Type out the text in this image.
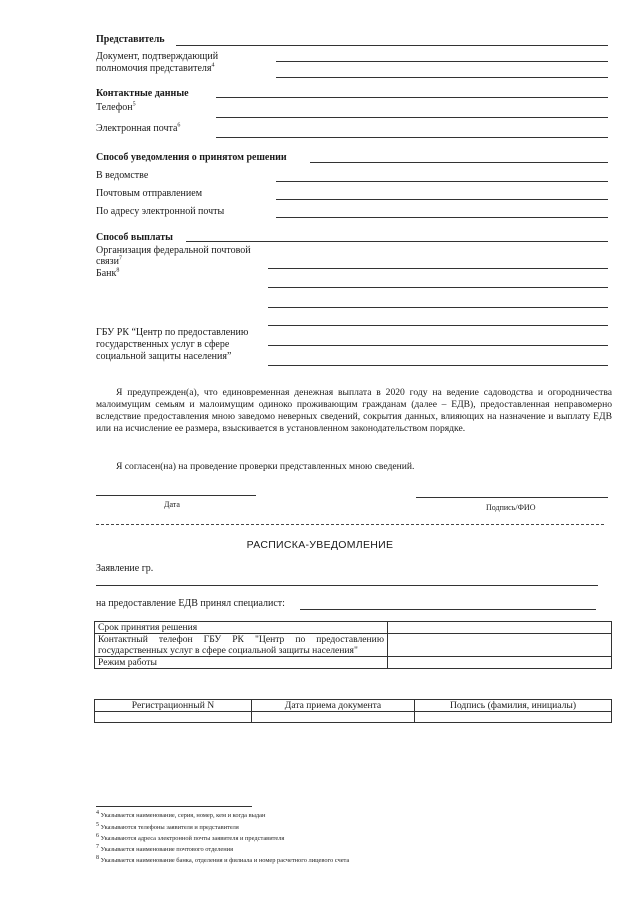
Представитель
Документ, подтверждающий
полномочия представителя$^4$
Контактные данные
Телефон$^5$
Электронная почта$^6$
Способ уведомления о принятом решении
В ведомстве
Почтовым отправлением
По адресу электронной почты
Способ выплаты
Организация федеральной почтовой
связи$^7$
Банк$^8$
ГБУ РК “Центр по предоставлению
государственных услуг в сфере
социальной защиты населения”

Я предупрежден(а), что единовременная денежная выплата в 2020 году на ведение садоводства и огородничества малоимущим семьям и малоимущим одиноко проживающим гражданам (далее – ЕДВ), предоставленная неправомерно вследствие предоставления мною заведомо неверных сведений, сокрытия данных, влияющих на назначение и выплату ЕДВ или на исчисление ее размера, взыскивается в установленном законодательством порядке.

Я согласен(на) на проведение проверки представленных мною сведений.

Дата	Подпись/ФИО
РАСПИСКА-УВЕДОМЛЕНИЕ
Заявление гр.
на предоставление ЕДВ принял специалист:
Срок принятия решения	
Контактный телефон ГБУ РК "Центр по предоставлению государственных услуг в сфере социальной защиты населения"	
Режим работы	
Регистрационный N	Дата приема документа	Подпись (фамилия, инициалы)

$^4$ Указывается наименование, серия, номер, кем и когда выдан
$^5$ Указываются телефоны заявителя и представителя
$^6$ Указываются адреса электронной почты заявителя и представителя
$^7$ Указывается наименование почтового отделения
$^8$ Указывается наименование банка, отделения и филиала и номер расчетного лицевого счета
